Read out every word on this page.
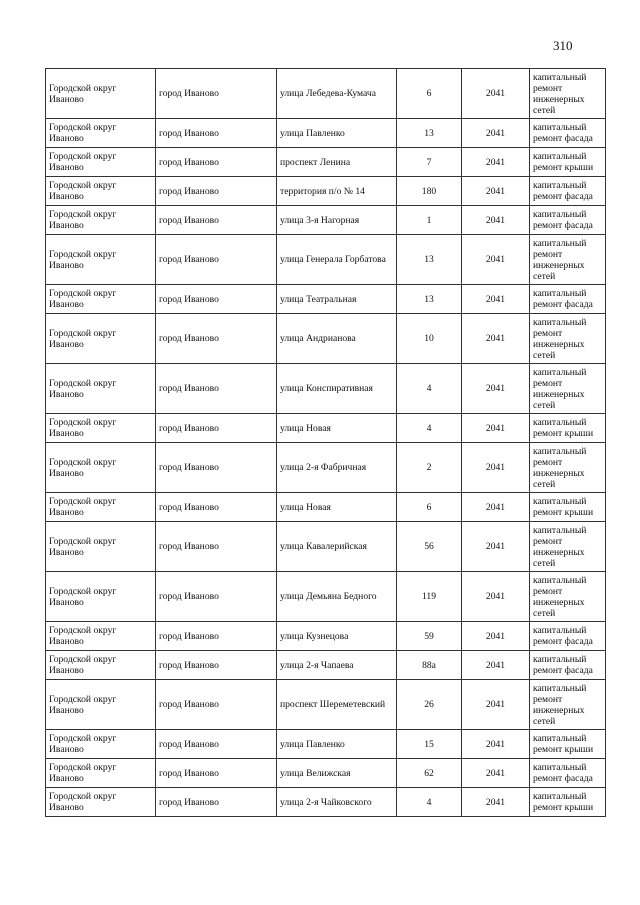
310
Городской округ Иваново	город Иваново	улица Лебедева-Кумача	6	2041	капитальный ремонт инженерных сетей
Городской округ Иваново	город Иваново	улица Павленко	13	2041	капитальный ремонт фасада
Городской округ Иваново	город Иваново	проспект Ленина	7	2041	капитальный ремонт крыши
Городской округ Иваново	город Иваново	территория п/о № 14	180	2041	капитальный ремонт фасада
Городской округ Иваново	город Иваново	улица 3-я Нагорная	1	2041	капитальный ремонт фасада
Городской округ Иваново	город Иваново	улица Генерала Горбатова	13	2041	капитальный ремонт инженерных сетей
Городской округ Иваново	город Иваново	улица Театральная	13	2041	капитальный ремонт фасада
Городской округ Иваново	город Иваново	улица Андрианова	10	2041	капитальный ремонт инженерных сетей
Городской округ Иваново	город Иваново	улица Конспиративная	4	2041	капитальный ремонт инженерных сетей
Городской округ Иваново	город Иваново	улица Новая	4	2041	капитальный ремонт крыши
Городской округ Иваново	город Иваново	улица 2-я Фабричная	2	2041	капитальный ремонт инженерных сетей
Городской округ Иваново	город Иваново	улица Новая	6	2041	капитальный ремонт крыши
Городской округ Иваново	город Иваново	улица Кавалерийская	56	2041	капитальный ремонт инженерных сетей
Городской округ Иваново	город Иваново	улица Демьяна Бедного	119	2041	капитальный ремонт инженерных сетей
Городской округ Иваново	город Иваново	улица Кузнецова	59	2041	капитальный ремонт фасада
Городской округ Иваново	город Иваново	улица 2-я Чапаева	88а	2041	капитальный ремонт фасада
Городской округ Иваново	город Иваново	проспект Шереметевский	26	2041	капитальный ремонт инженерных сетей
Городской округ Иваново	город Иваново	улица Павленко	15	2041	капитальный ремонт крыши
Городской округ Иваново	город Иваново	улица Велижская	62	2041	капитальный ремонт фасада
Городской округ Иваново	город Иваново	улица 2-я Чайковского	4	2041	капитальный ремонт крыши
